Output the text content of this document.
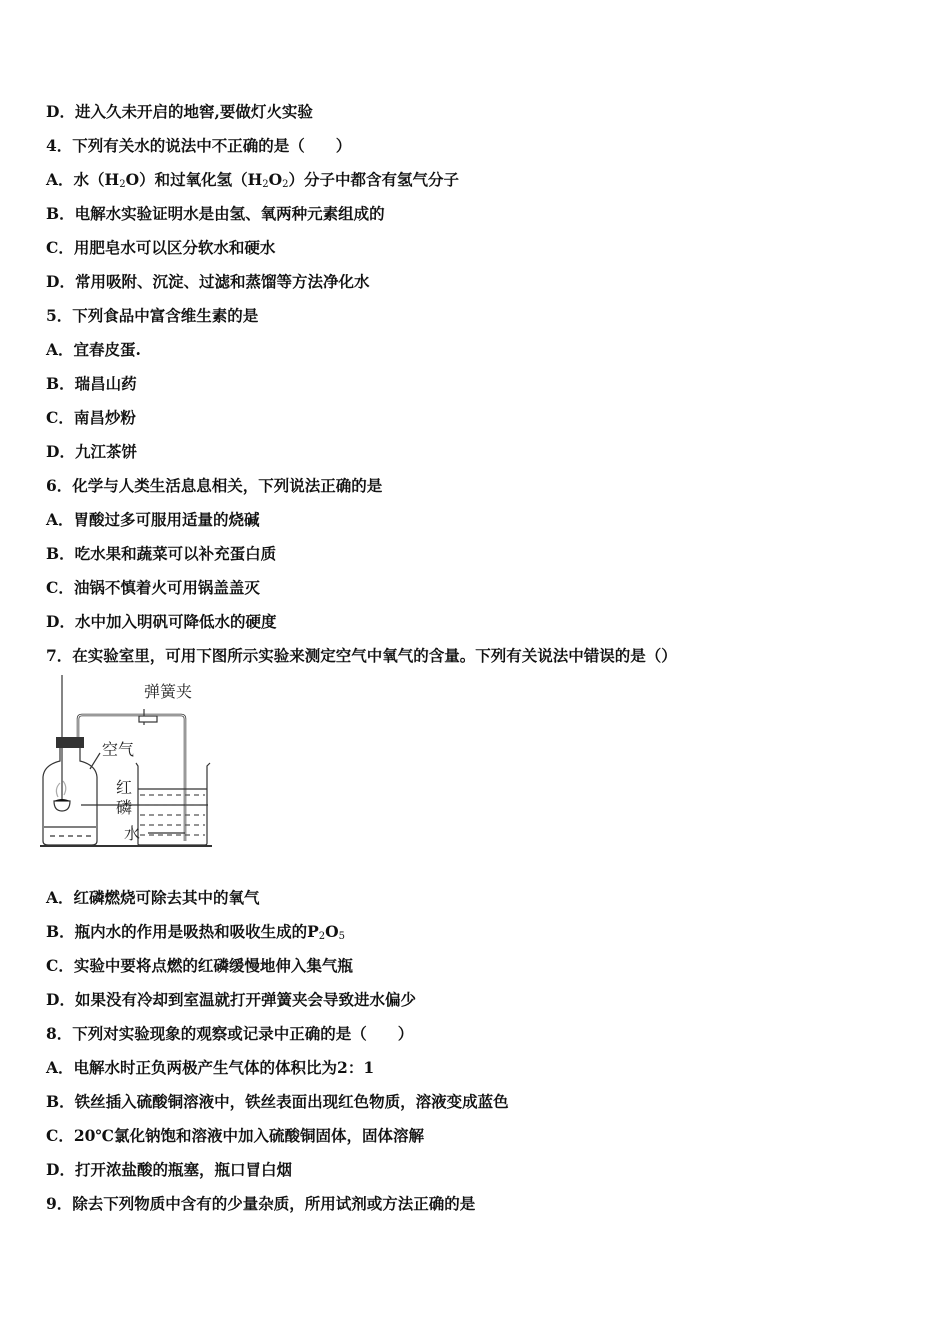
D．进入久未开启的地窖,要做灯火实验
4．下列有关水的说法中不正确的是（　　）
A．水$(H_2O)$和过氧化氢$(H_2O_2)$分子中都含有氢气分子
B．电解水实验证明水是由氢、氧两种元素组成的
C．用肥皂水可以区分软水和硬水
D．常用吸附、沉淀、过滤和蒸馏等方法净化水
5．下列食品中富含维生素的是
A．宜春皮蛋.
B．瑞昌山药
C．南昌炒粉
D．九江茶饼
6．化学与人类生活息息相关，下列说法正确的是
A．胃酸过多可服用适量的烧碱
B．吃水果和蔬菜可以补充蛋白质
C．油锅不慎着火可用锅盖盖灭
D．水中加入明矾可降低水的硬度
7．在实验室里，可用下图所示实验来测定空气中氧气的含量。下列有关说法中错误的是（）
弹簧夹
空气
红
磷
水
A．红磷燃烧可除去其中的氧气
B．瓶内水的作用是吸热和吸收生成的$P_2O_5$
C．实验中要将点燃的红磷缓慢地伸入集气瓶
D．如果没有冷却到室温就打开弹簧夹会导致进水偏少
8．下列对实验现象的观察或记录中正确的是（　　）
A．电解水时正负两极产生气体的体积比为2：1
B．铁丝插入硫酸铜溶液中，铁丝表面出现红色物质，溶液变成蓝色
C．20℃氯化钠饱和溶液中加入硫酸铜固体，固体溶解
D．打开浓盐酸的瓶塞，瓶口冒白烟
9．除去下列物质中含有的少量杂质，所用试剂或方法正确的是
